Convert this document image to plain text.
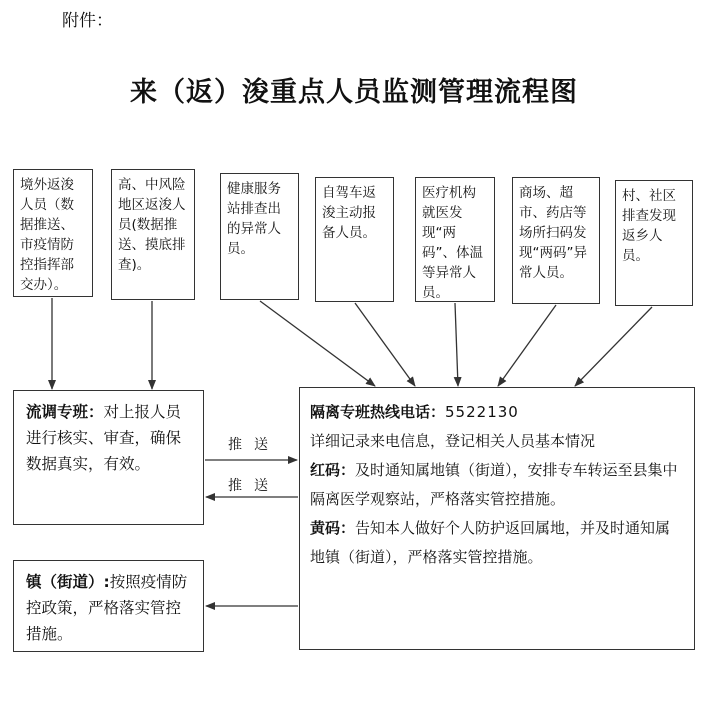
附件：
来（返）浚重点人员监测管理流程图
境外返浚人员（数据推送、市疫情防控指挥部交办）。
高、中风险地区返浚人员(数据推送、摸底排查)。
健康服务站排查出的异常人员。
自驾车返浚主动报备人员。
医疗机构就医发现“两码”、体温等异常人员。
商场、超市、药店等场所扫码发现“两码”异常人员。
村、社区排查发现返乡人员。
流调专班：对上报人员进行核实、审查，确保数据真实，有效。
镇（街道）:按照疫情防控政策，严格落实管控措施。
隔离专班热线电话：5522130
详细记录来电信息，登记相关人员基本情况
红码：及时通知属地镇（街道），安排专车转运至县集中隔离医学观察站，严格落实管控措施。
黄码：告知本人做好个人防护返回属地，并及时通知属地镇（街道），严格落实管控措施。
推送
推送
